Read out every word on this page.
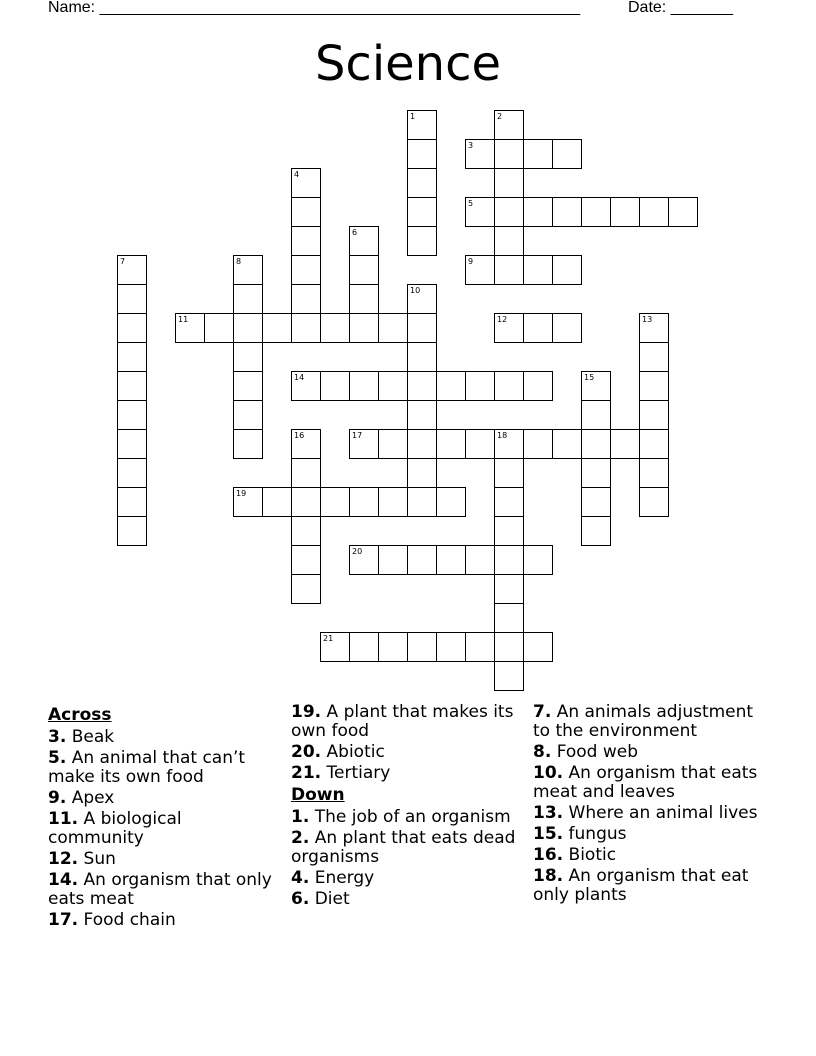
Name: ______________________________________________________	Date: _______
Science
1	2
3
4
5
6
7	8	9
10
11	12	13
14	15
16	17	18
19
20
21
Across
3. Beak
5. An animal that can’t make its own food
9. Apex
11. A biological community
12. Sun
14. An organism that only eats meat
17. Food chain
19. A plant that makes its own food
20. Abiotic
21. Tertiary
Down
1. The job of an organism
2. An plant that eats dead organisms
4. Energy
6. Diet
7. An animals adjustment to the environment
8. Food web
10. An organism that eats meat and leaves
13. Where an animal lives
15. fungus
16. Biotic
18. An organism that eat only plants
